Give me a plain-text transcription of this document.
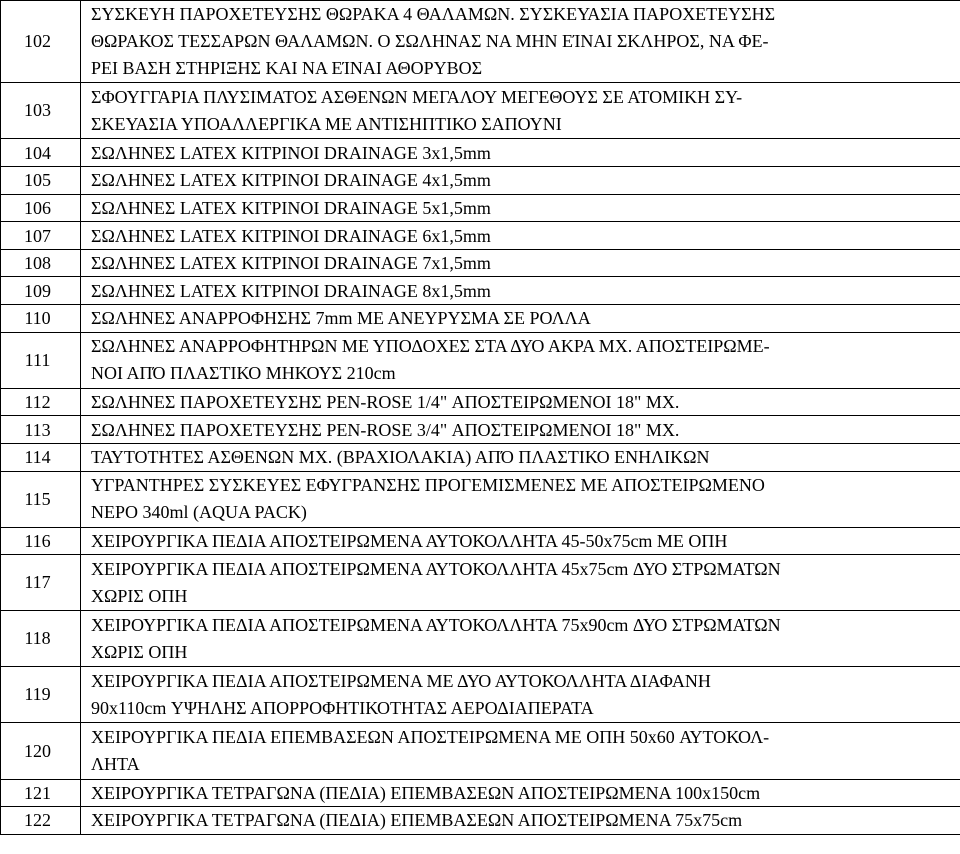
102	ΣΥΣΚΕΥΗ ΠΑΡΟΧΕΤΕΥΣΗΣ ΘΩΡΑΚΑ 4 ΘΑΛΑΜΩΝ. ΣΥΣΚΕΥΑΣΙΑ ΠΑΡΟΧΕΤΕΥΣΗΣ
ΘΩΡΑΚΟΣ ΤΕΣΣΑΡΩΝ ΘΑΛΑΜΩΝ. Ο ΣΩΛΗΝΑΣ ΝΑ ΜΗΝ ΕΊΝΑΙ ΣΚΛΗΡΟΣ, ΝΑ ΦΕ-
ΡΕΙ ΒΑΣΗ ΣΤΗΡΙΞΗΣ ΚΑΙ ΝΑ ΕΊΝΑΙ ΑΘΟΡΥΒΟΣ
103	ΣΦΟΥΓΓΑΡΙΑ ΠΛΥΣΙΜΑΤΟΣ ΑΣΘΕΝΩΝ ΜΕΓΑΛΟΥ ΜΕΓΕΘΟΥΣ ΣΕ ΑΤΟΜΙΚΗ ΣΥ-
ΣΚΕΥΑΣΙΑ ΥΠΟΑΛΛΕΡΓΙΚΑ ΜΕ ΑΝΤΙΣΗΠΤΙΚΟ ΣΑΠΟΥΝΙ
104	ΣΩΛΗΝΕΣ LATEX ΚΙΤΡΙΝΟΙ DRAINAGE 3x1,5mm
105	ΣΩΛΗΝΕΣ LATEX ΚΙΤΡΙΝΟΙ DRAINAGE 4x1,5mm
106	ΣΩΛΗΝΕΣ LATEX ΚΙΤΡΙΝΟΙ DRAINAGE 5x1,5mm
107	ΣΩΛΗΝΕΣ LATEX ΚΙΤΡΙΝΟΙ DRAINAGE 6x1,5mm
108	ΣΩΛΗΝΕΣ LATEX ΚΙΤΡΙΝΟΙ DRAINAGE 7x1,5mm
109	ΣΩΛΗΝΕΣ LATEX ΚΙΤΡΙΝΟΙ DRAINAGE 8x1,5mm
110	ΣΩΛΗΝΕΣ ΑΝΑΡΡΟΦΗΣΗΣ 7mm ΜΕ ΑΝΕΥΡΥΣΜΑ ΣΕ ΡΟΛΛΑ
111	ΣΩΛΗΝΕΣ ΑΝΑΡΡΟΦΗΤΗΡΩΝ ΜΕ ΥΠΟΔΟΧΕΣ ΣΤΑ ΔΥΟ ΑΚΡΑ ΜΧ. ΑΠΟΣΤΕΙΡΩΜΕ-
ΝΟΙ ΑΠΌ ΠΛΑΣΤΙΚΟ ΜΗΚΟΥΣ 210cm
112	ΣΩΛΗΝΕΣ ΠΑΡΟΧΕΤΕΥΣΗΣ PEN-ROSE 1/4" ΑΠΟΣΤΕΙΡΩΜΕΝΟΙ 18" ΜΧ.
113	ΣΩΛΗΝΕΣ ΠΑΡΟΧΕΤΕΥΣΗΣ PEN-ROSE 3/4" ΑΠΟΣΤΕΙΡΩΜΕΝΟΙ 18" ΜΧ.
114	ΤΑΥΤΟΤΗΤΕΣ ΑΣΘΕΝΩΝ ΜΧ. (ΒΡΑΧΙΟΛΑΚΙΑ) ΑΠΌ ΠΛΑΣΤΙΚΟ ΕΝΗΛΙΚΩΝ
115	ΥΓΡΑΝΤΗΡΕΣ ΣΥΣΚΕΥΕΣ ΕΦΥΓΡΑΝΣΗΣ ΠΡΟΓΕΜΙΣΜΕΝΕΣ ΜΕ ΑΠΟΣΤΕΙΡΩΜΕΝΟ
ΝΕΡΟ 340ml (AQUA PACK)
116	ΧΕΙΡΟΥΡΓΙΚΑ ΠΕΔΙΑ ΑΠΟΣΤΕΙΡΩΜΕΝΑ ΑΥΤΟΚΟΛΛΗΤΑ 45-50x75cm ΜΕ ΟΠΗ
117	ΧΕΙΡΟΥΡΓΙΚΑ ΠΕΔΙΑ ΑΠΟΣΤΕΙΡΩΜΕΝΑ ΑΥΤΟΚΟΛΛΗΤΑ 45x75cm ΔΥΟ ΣΤΡΩΜΑΤΩΝ
ΧΩΡΙΣ ΟΠΗ
118	ΧΕΙΡΟΥΡΓΙΚΑ ΠΕΔΙΑ ΑΠΟΣΤΕΙΡΩΜΕΝΑ ΑΥΤΟΚΟΛΛΗΤΑ 75x90cm ΔΥΟ ΣΤΡΩΜΑΤΩΝ
ΧΩΡΙΣ ΟΠΗ
119	ΧΕΙΡΟΥΡΓΙΚΑ ΠΕΔΙΑ ΑΠΟΣΤΕΙΡΩΜΕΝΑ ΜΕ ΔΥΟ ΑΥΤΟΚΟΛΛΗΤΑ ΔΙΑΦΑΝΗ
90x110cm ΥΨΗΛΗΣ ΑΠΟΡΡΟΦΗΤΙΚΟΤΗΤΑΣ ΑΕΡΟΔΙΑΠΕΡΑΤΑ
120	ΧΕΙΡΟΥΡΓΙΚΑ ΠΕΔΙΑ ΕΠΕΜΒΑΣΕΩΝ ΑΠΟΣΤΕΙΡΩΜΕΝΑ ΜΕ ΟΠΗ 50x60 ΑΥΤΟΚΟΛ-
ΛΗΤΑ
121	ΧΕΙΡΟΥΡΓΙΚΑ ΤΕΤΡΑΓΩΝΑ (ΠΕΔΙΑ) ΕΠΕΜΒΑΣΕΩΝ ΑΠΟΣΤΕΙΡΩΜΕΝΑ 100x150cm
122	ΧΕΙΡΟΥΡΓΙΚΑ ΤΕΤΡΑΓΩΝΑ (ΠΕΔΙΑ) ΕΠΕΜΒΑΣΕΩΝ ΑΠΟΣΤΕΙΡΩΜΕΝΑ 75x75cm
